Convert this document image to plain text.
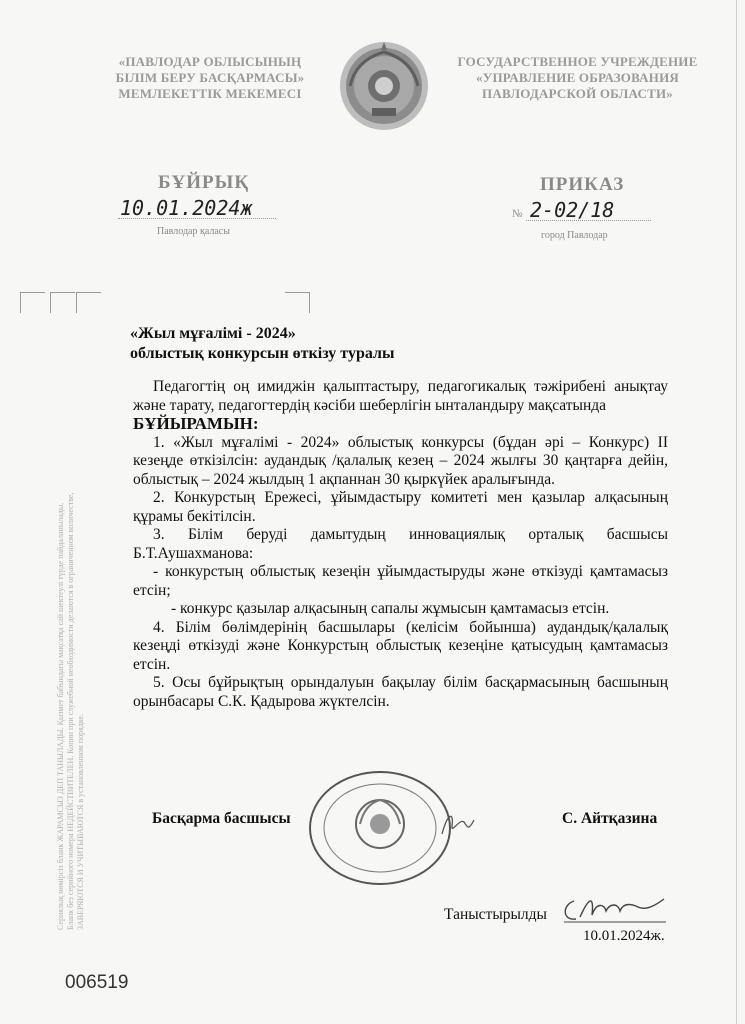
«ПАВЛОДАР ОБЛЫСЫНЫҢ
БІЛІМ БЕРУ БАСҚАРМАСЫ»
МЕМЛЕКЕТТІК МЕКЕМЕСІ
ГОСУДАРСТВЕННОЕ УЧРЕЖДЕНИЕ
«УПРАВЛЕНИЕ ОБРАЗОВАНИЯ
ПАВЛОДАРСКОЙ ОБЛАСТИ»
БҰЙРЫҚ	ПРИКАЗ
10.01.2024ж	№ 2-02/18
Павлодар қаласы	город Павлодар
«Жыл мұғалімі - 2024»
облыстық конкурсын өткізу туралы

Педагогтің оң имиджін қалыптастыру, педагогикалық тәжірибені анықтау және тарату, педагогтердің кәсіби шеберлігін ынталандыру мақсатында

БҰЙЫРАМЫН:

1. «Жыл мұғалімі - 2024» облыстық конкурсы (бұдан әрі – Конкурс) II кезеңде өткізілсін: аудандық /қалалық кезең – 2024 жылғы 30 қаңтарға дейін, облыстық – 2024 жылдың 1 ақпаннан 30 қыркүйек аралығында.

2. Конкурстың Ережесі, ұйымдастыру комитеті мен қазылар алқасының құрамы бекітілсін.

3. Білім беруді дамытудың инновациялық орталық басшысы Б.Т.Аушахманова:

- конкурстың облыстық кезеңін ұйымдастыруды және өткізуді қамтамасыз етсін;

- конкурс қазылар алқасының сапалы жұмысын қамтамасыз етсін.

4. Білім бөлімдерінің басшылары (келісім бойынша) аудандық/қалалық кезеңді өткізуді және Конкурстың облыстық кезеңіне қатысудың қамтамасыз етсін.

5. Осы бұйрықтың орындалуын бақылау білім басқармасының басшының орынбасары С.К. Қадырова жүктелсін.

Басқарма басшысы	С. Айтқазина
Таныстырылды
10.01.2024ж.
006519
Сериялық нөмірсіз бланк ЖАРАМСЫЗ ДЕП ТАНЫЛАДЫ. Қызмет бабындағы мақсатқа сай шектеулі түрде пайдаланылады. Бланк без серийного номера НЕДЕЙСТВИТЕЛЕН. Копии при служебной необходимости делаются в ограниченном количестве, ЗАВЕРЯЮТСЯ И УЧИТЫВАЮТСЯ в установленном порядке.
